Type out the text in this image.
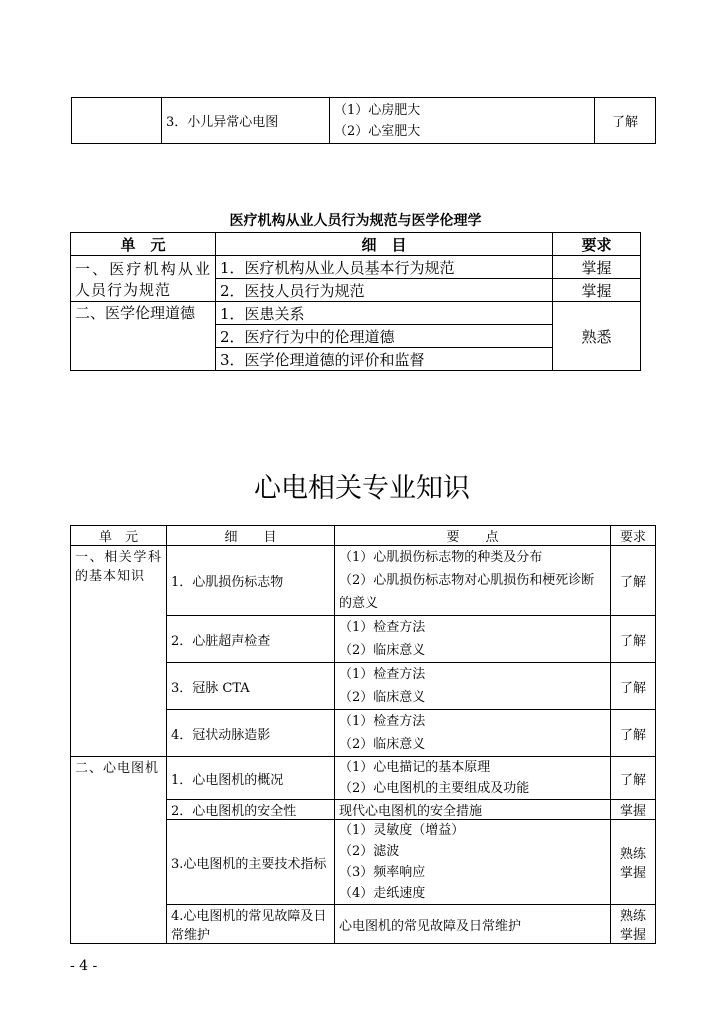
	3．小儿异常心电图	
（1）心房肥大
（2）心室肥大
	了解
医疗机构从业人员行为规范与医学伦理学
单　元	细　目	要求
一、医疗机构从业人员行为规范	1．医疗机构从业人员基本行为规范	掌握
	2．医技人员行为规范	掌握
二、医学伦理道德	1．医患关系	熟悉
	2．医疗行为中的伦理道德	
	3．医学伦理道德的评价和监督	
心电相关专业知识
单　元	细　　目	要　　点	要求
一、相关学科的基本知识	1．心肌损伤标志物	（1）心肌损伤标志物的种类及分布
（2）心肌损伤标志物对心肌损伤和梗死诊断的意义	了解
	2．心脏超声检查	（1）检查方法
（2）临床意义	了解
	3．冠脉 CTA	（1）检查方法
（2）临床意义	了解
	4．冠状动脉造影	（1）检查方法
（2）临床意义	了解
二、心电图机	1．心电图机的概况	（1）心电描记的基本原理
（2）心电图机的主要组成及功能	了解
	2．心电图机的安全性	现代心电图机的安全措施	掌握
	3.心电图机的主要技术指标	（1）灵敏度（增益）
（2）滤波
（3）频率响应
（4）走纸速度	熟练掌握
	4.心电图机的常见故障及日常维护	心电图机的常见故障及日常维护	熟练掌握
- 4 -
